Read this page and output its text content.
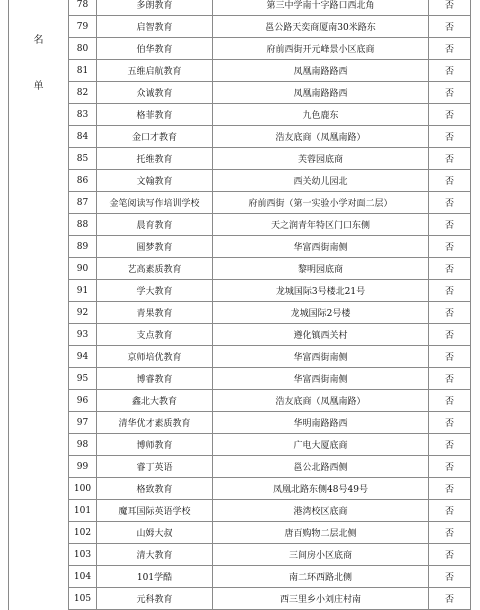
名
单	78	多朗教育	第三中学南十字路口西北角	否
	79	启智教育	邕公路天奕商厦南30米路东	否
	80	伯华教育	府前西街开元峰景小区底商	否
	81	五维启航教育	凤凰南路路西	否
	82	众诚教育	凤凰南路路西	否
	83	格菲教育	九色鹿东	否
	84	金口才教育	浩友底商（凤凰南路）	否
	85	托维教育	芙蓉园底商	否
	86	文翰教育	西关幼儿园北	否
	87	金笔阅读写作培训学校	府前西街（第一实验小学对面二层）	否
	88	晨育教育	天之润青年特区门口东侧	否
	89	圆梦教育	华富西街南侧	否
	90	艺高素质教育	黎明园底商	否
	91	学大教育	龙城国际3号楼北21号	否
	92	青果教育	龙城国际2号楼	否
	93	支点教育	遵化镇西关村	否
	94	京师培优教育	华富西街南侧	否
	95	博睿教育	华富西街南侧	否
	96	鑫北大教育	浩友底商（凤凰南路）	否
	97	清华优才素质教育	华明南路路西	否
	98	博师教育	广电大厦底商	否
	99	睿丁英语	邕公北路西侧	否
	100	格致教育	凤凰北路东侧48号49号	否
	101	魔耳国际英语学校	港湾校区底商	否
	102	山姆大叔	唐百购物二层北侧	否
	103	清大教育	三间房小区底商	否
	104	101学酷	南二环西路北侧	否
	105	元科教育	西三里乡小刘庄村南	否
